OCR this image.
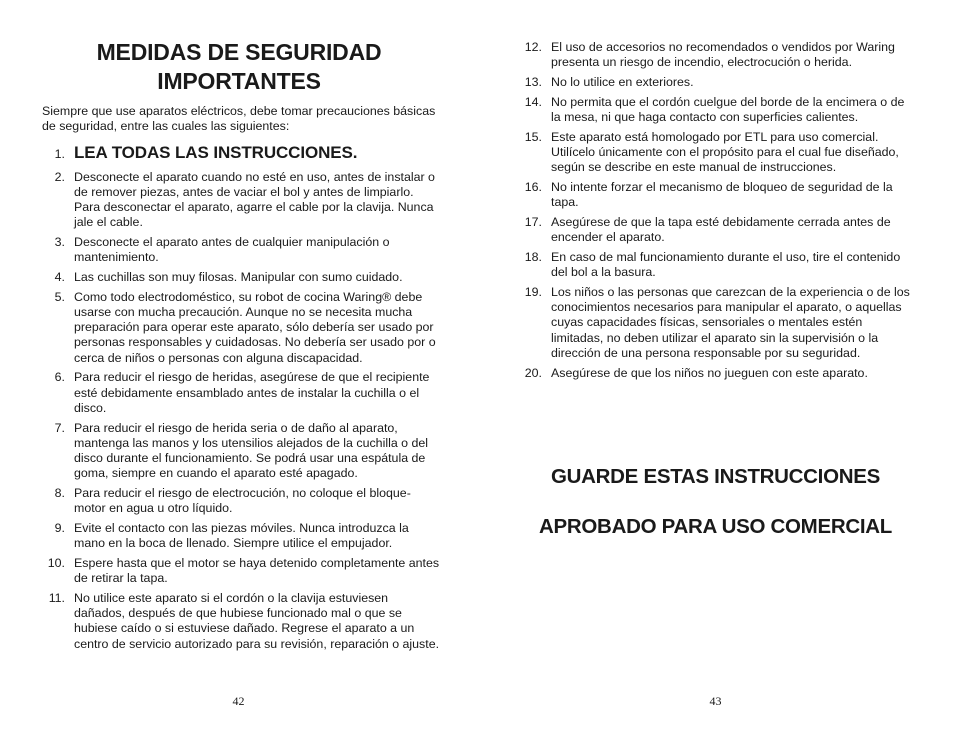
MEDIDAS DE SEGURIDAD
IMPORTANTES

Siempre que use aparatos eléctricos, debe tomar precauciones básicas de seguridad, entre las cuales las siguientes:

1. LEA TODAS LAS INSTRUCCIONES.
2. Desconecte el aparato cuando no esté en uso, antes de instalar o de remover piezas, antes de vaciar el bol y antes de limpiarlo. Para desconectar el aparato, agarre el cable por la clavija. Nunca jale el cable.
3. Desconecte el aparato antes de cualquier manipulación o mantenimiento.
4. Las cuchillas son muy filosas. Manipular con sumo cuidado.
5. Como todo electrodoméstico, su robot de cocina Waring® debe usarse con mucha precaución. Aunque no se necesita mucha preparación para operar este aparato, sólo debería ser usado por personas responsables y cuidadosas. No debería ser usado por o cerca de niños o personas con alguna discapacidad.
6. Para reducir el riesgo de heridas, asegúrese de que el recipiente esté debidamente ensamblado antes de instalar la cuchilla o el disco.
7. Para reducir el riesgo de herida seria o de daño al aparato, mantenga las manos y los utensilios alejados de la cuchilla o del disco durante el funcionamiento. Se podrá usar una espátula de goma, siempre en cuando el aparato esté apagado.
8. Para reducir el riesgo de electrocución, no coloque el bloque-motor en agua u otro líquido.
9. Evite el contacto con las piezas móviles. Nunca introduzca la mano en la boca de llenado. Siempre utilice el empujador.
10. Espere hasta que el motor se haya detenido completamente antes de retirar la tapa.
11. No utilice este aparato si el cordón o la clavija estuviesen dañados, después de que hubiese funcionado mal o que se hubiese caído o si estuviese dañado. Regrese el aparato a un centro de servicio autorizado para su revisión, reparación o ajuste.
42
12. El uso de accesorios no recomendados o vendidos por Waring presenta un riesgo de incendio, electrocución o herida.
13. No lo utilice en exteriores.
14. No permita que el cordón cuelgue del borde de la encimera o de la mesa, ni que haga contacto con superficies calientes.
15. Este aparato está homologado por ETL para uso comercial. Utilícelo únicamente con el propósito para el cual fue diseñado, según se describe en este manual de instrucciones.
16. No intente forzar el mecanismo de bloqueo de seguridad de la tapa.
17. Asegúrese de que la tapa esté debidamente cerrada antes de encender el aparato.
18. En caso de mal funcionamiento durante el uso, tire el contenido del bol a la basura.
19. Los niños o las personas que carezcan de la experiencia o de los conocimientos necesarios para manipular el aparato, o aquellas cuyas capacidades físicas, sensoriales o mentales estén limitadas, no deben utilizar el aparato sin la supervisión o la dirección de una persona responsable por su seguridad.
20. Asegúrese de que los niños no jueguen con este aparato.
GUARDE ESTAS INSTRUCCIONES
APROBADO PARA USO COMERCIAL
43
